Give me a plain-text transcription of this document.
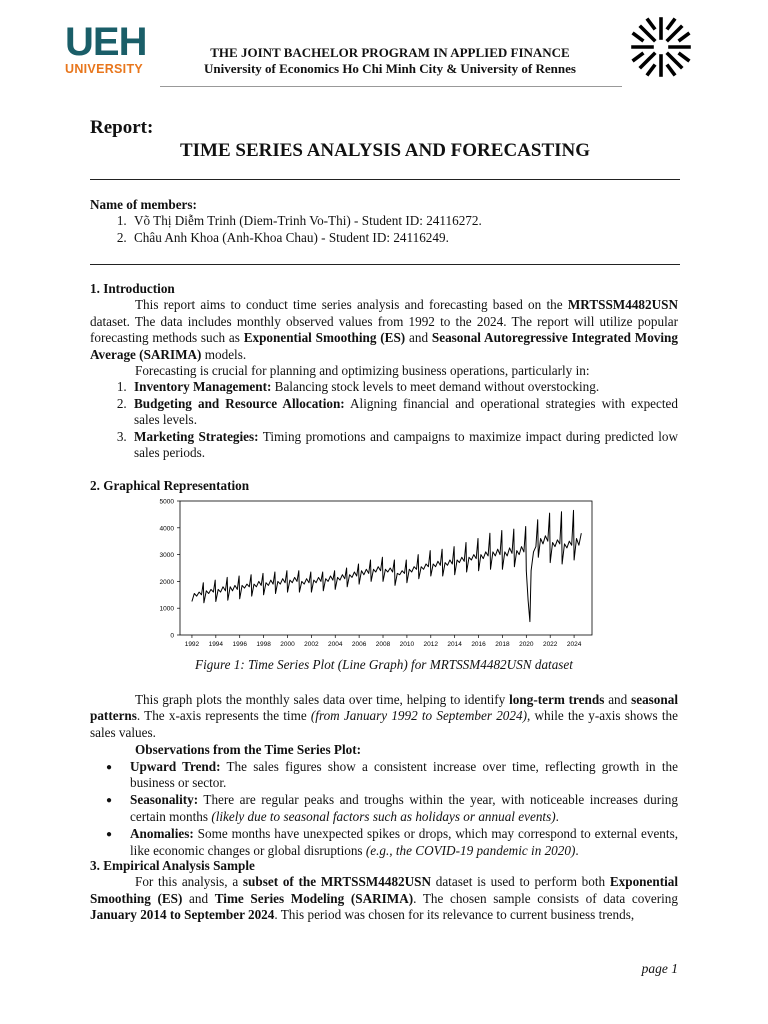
UEH
UNIVERSITY
THE JOINT BACHELOR PROGRAM IN APPLIED FINANCE
University of Economics Ho Chi Minh City & University of Rennes
Report:
TIME SERIES ANALYSIS AND FORECASTING
Name of members:
1. Võ Thị Diễm Trinh (Diem-Trinh Vo-Thi) - Student ID: 24116272.
2. Châu Anh Khoa (Anh-Khoa Chau) - Student ID: 24116249.
1. Introduction
This report aims to conduct time series analysis and forecasting based on the MRTSSM4482USN dataset. The data includes monthly observed values from 1992 to the 2024. The report will utilize popular forecasting methods such as Exponential Smoothing (ES) and Seasonal Autoregressive Integrated Moving Average (SARIMA) models.
Forecasting is crucial for planning and optimizing business operations, particularly in:
1. Inventory Management: Balancing stock levels to meet demand without overstocking.
2. Budgeting and Resource Allocation: Aligning financial and operational strategies with expected sales levels.
3. Marketing Strategies: Timing promotions and campaigns to maximize impact during predicted low sales periods.
2. Graphical Representation
0
1000
2000
3000
4000
5000
1992 1994 1996 1998 2000 2002 2004 2006 2008 2010 2012 2014 2016 2018 2020 2022 2024
Figure 1: Time Series Plot (Line Graph) for MRTSSM4482USN dataset
This graph plots the monthly sales data over time, helping to identify long-term trends and seasonal patterns. The x-axis represents the time (from January 1992 to September 2024), while the y-axis shows the sales values.
Observations from the Time Series Plot:
● Upward Trend: The sales figures show a consistent increase over time, reflecting growth in the business or sector.
● Seasonality: There are regular peaks and troughs within the year, with noticeable increases during certain months (likely due to seasonal factors such as holidays or annual events).
● Anomalies: Some months have unexpected spikes or drops, which may correspond to external events, like economic changes or global disruptions (e.g., the COVID-19 pandemic in 2020).
3. Empirical Analysis Sample
For this analysis, a subset of the MRTSSM4482USN dataset is used to perform both Exponential Smoothing (ES) and Time Series Modeling (SARIMA). The chosen sample consists of data covering January 2014 to September 2024. This period was chosen for its relevance to current business trends,
page 1
